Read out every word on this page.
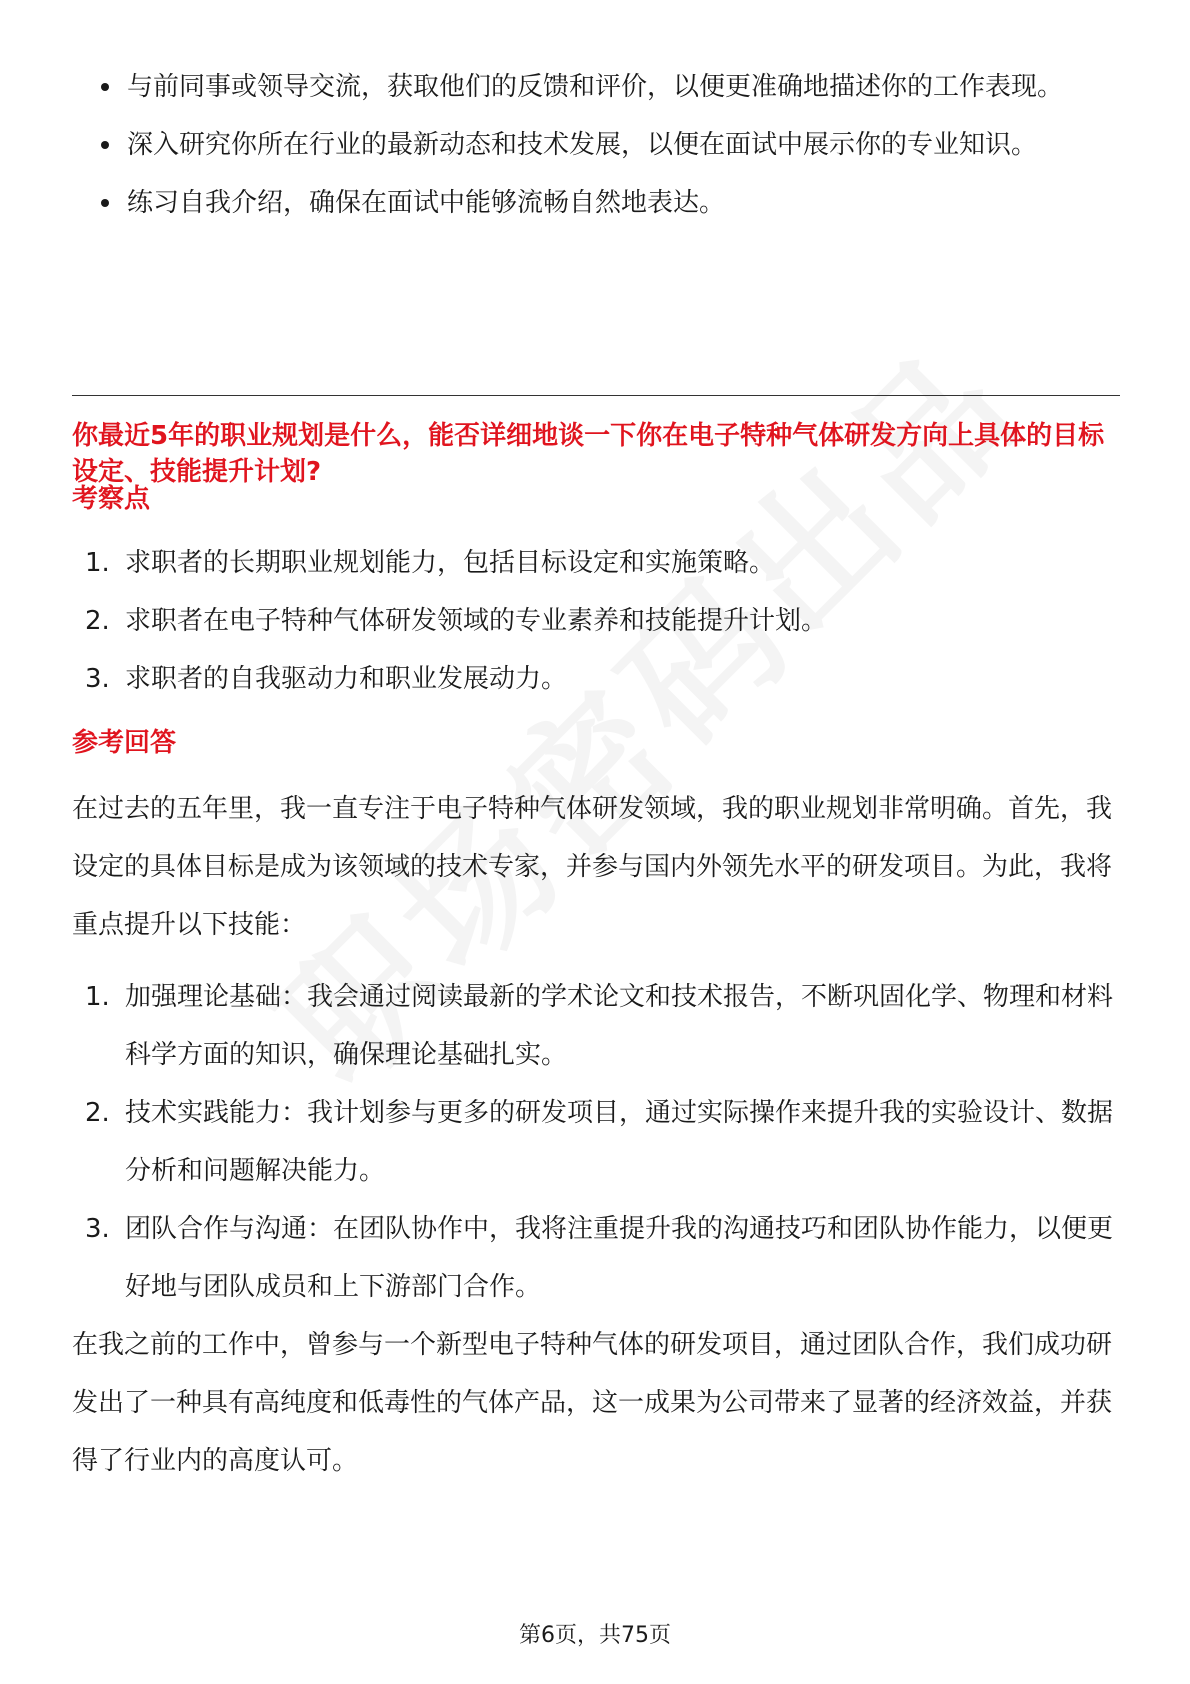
与前同事或领导交流，获取他们的反馈和评价，以便更准确地描述你的工作表现。
深入研究你所在行业的最新动态和技术发展，以便在面试中展示你的专业知识。
练习自我介绍，确保在面试中能够流畅自然地表达。
你最近5年的职业规划是什么，能否详细地谈一下你在电子特种气体研发方向上具体的目标设定、技能提升计划?
考察点
1. 求职者的长期职业规划能力，包括目标设定和实施策略。
2. 求职者在电子特种气体研发领域的专业素养和技能提升计划。
3. 求职者的自我驱动力和职业发展动力。
参考回答

在过去的五年里，我一直专注于电子特种气体研发领域，我的职业规划非常明确。首先，我设定的具体目标是成为该领域的技术专家，并参与国内外领先水平的研发项目。为此，我将重点提升以下技能：

1. 加强理论基础：我会通过阅读最新的学术论文和技术报告，不断巩固化学、物理和材料科学方面的知识，确保理论基础扎实。
2. 技术实践能力：我计划参与更多的研发项目，通过实际操作来提升我的实验设计、数据分析和问题解决能力。
3. 团队合作与沟通：在团队协作中，我将注重提升我的沟通技巧和团队协作能力，以便更好地与团队成员和上下游部门合作。

在我之前的工作中，曾参与一个新型电子特种气体的研发项目，通过团队合作，我们成功研发出了一种具有高纯度和低毒性的气体产品，这一成果为公司带来了显著的经济效益，并获得了行业内的高度认可。

第6页，共75页
